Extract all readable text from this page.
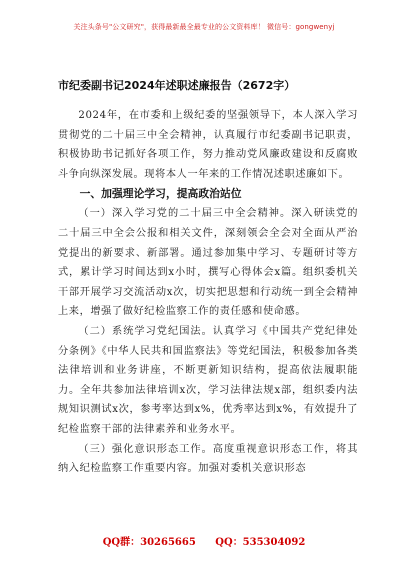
关注头条号"公文研究"，获得最新最全最专业的公文资料库！ 微信号：gongwenyj
市纪委副书记2024年述职述廉报告（2672字）

2024年，在市委和上级纪委的坚强领导下，本人深入学习贯彻党的二十届三中全会精神，认真履行市纪委副书记职责，积极协助书记抓好各项工作，努力推动党风廉政建设和反腐败斗争向纵深发展。现将本人一年来的工作情况述职述廉如下。

一、加强理论学习，提高政治站位

（一）深入学习党的二十届三中全会精神。深入研读党的二十届三中全会公报和相关文件，深刻领会全会对全面从严治党提出的新要求、新部署。通过参加集中学习、专题研讨等方式，累计学习时间达到x小时，撰写心得体会x篇。组织委机关干部开展学习交流活动x次，切实把思想和行动统一到全会精神上来，增强了做好纪检监察工作的责任感和使命感。

（二）系统学习党纪国法。认真学习《中国共产党纪律处分条例》《中华人民共和国监察法》等党纪国法，积极参加各类法律培训和业务讲座，不断更新知识结构，提高依法履职能力。全年共参加法律培训x次，学习法律法规x部，组织委内法规知识测试x次，参考率达到x%，优秀率达到x%，有效提升了纪检监察干部的法律素养和业务水平。

（三）强化意识形态工作。高度重视意识形态工作，将其纳入纪检监察工作重要内容。加强对委机关意识形态

QQ群：30265665 QQ：535304092
